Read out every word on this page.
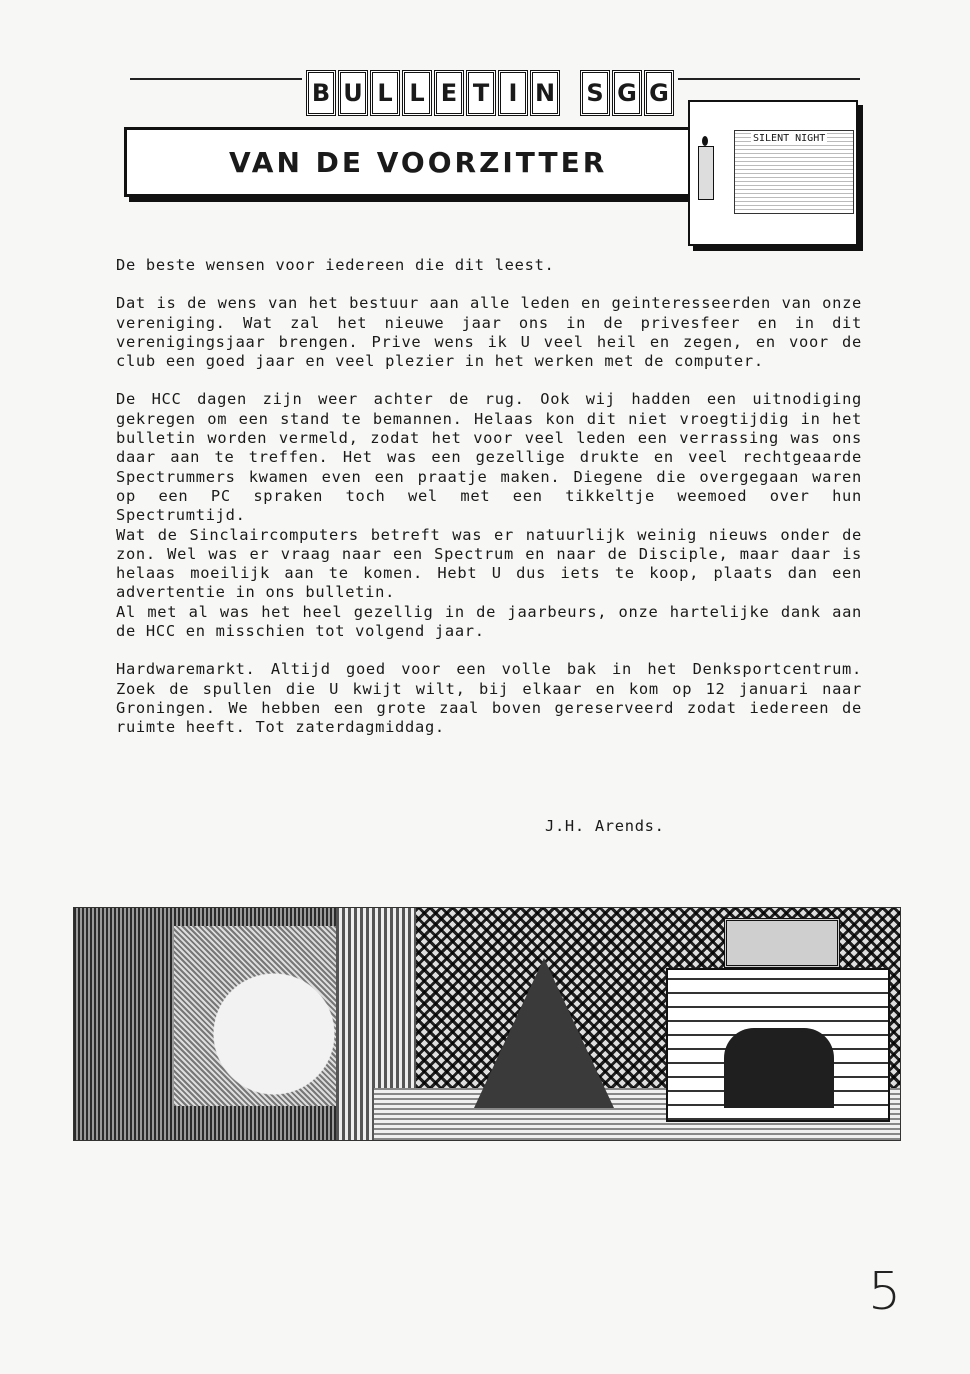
B U L L E T I N S G G
VAN DE VOORZITTER
SILENT NIGHT

De beste wensen voor iedereen die dit leest.

Dat is de wens van het bestuur aan alle leden en geinteresseerden van onze vereniging. Wat zal het nieuwe jaar ons in de privesfeer en in dit verenigingsjaar brengen. Prive wens ik U veel heil en zegen, en voor de club een goed jaar en veel plezier in het werken met de computer.

De HCC dagen zijn weer achter de rug. Ook wij hadden een uitnodiging gekregen om een stand te bemannen. Helaas kon dit niet vroegtijdig in het bulletin worden vermeld, zodat het voor veel leden een verrassing was ons daar aan te treffen. Het was een gezellige drukte en veel rechtgeaarde Spectrummers kwamen even een praatje maken. Diegene die overgegaan waren op een PC spraken toch wel met een tikkeltje weemoed over hun Spectrumtijd.

Wat de Sinclaircomputers betreft was er natuurlijk weinig nieuws onder de zon. Wel was er vraag naar een Spectrum en naar de Disciple, maar daar is helaas moeilijk aan te komen. Hebt U dus iets te koop, plaats dan een advertentie in ons bulletin.

Al met al was het heel gezellig in de jaarbeurs, onze hartelijke dank aan de HCC en misschien tot volgend jaar.

Hardwaremarkt. Altijd goed voor een volle bak in het Denksportcentrum. Zoek de spullen die U kwijt wilt, bij elkaar en kom op 12 januari naar Groningen. We hebben een grote zaal boven gereserveerd zodat iedereen de ruimte heeft. Tot zaterdagmiddag.

J.H. Arends.
5
